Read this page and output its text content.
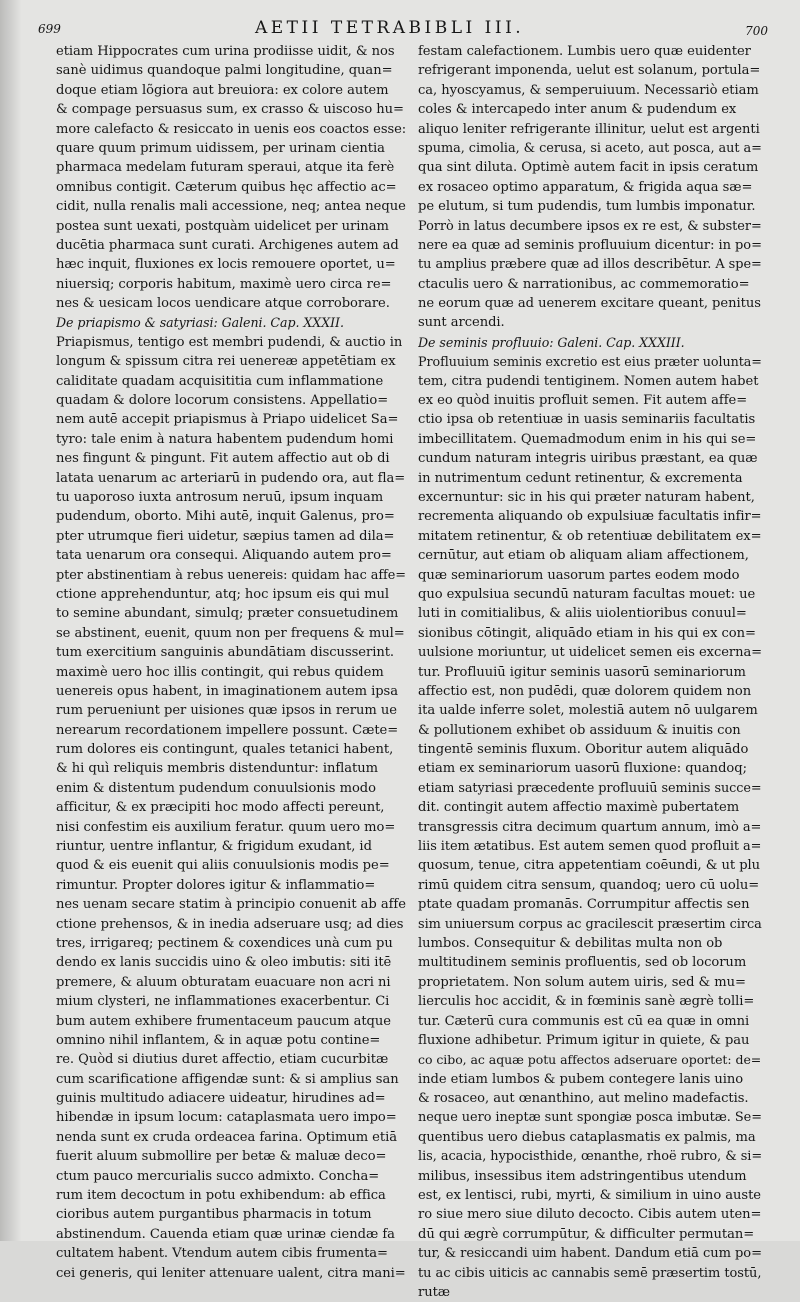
699	AETII TETRABIBLI III.	700
etiam Hippocrates cum urina prodiisse uidit, & nos
sanè uidimus quandoque palmi longitudine, quan=
doque etiam lõgiora aut breuiora: ex colore autem
& compage persuasus sum, ex crasso & uiscoso hu=
more calefacto & resiccato in uenis eos coactos esse:
quare quum primum uidissem, per urinam cientia
pharmaca medelam futuram speraui, atque ita ferè
omnibus contigit. Cæterum quibus hęc affectio ac=
cidit, nulla renalis mali accessione, neq; antea neque
postea sunt uexati, postquàm uidelicet per urinam
ducētia pharmaca sunt curati. Archigenes autem ad
hæc inquit, fluxiones ex locis remouere oportet, u=
niuersiq; corporis habitum, maximè uero circa re=
nes & uesicam locos uendicare atque corroborare.
De priapismo & satyriasi: Galeni. Cap. XXXII.
Priapismus, tentigo est membri pudendi, & auctio in
longum & spissum citra rei uenereæ appetētiam ex
caliditate quadam acquisititia cum inflammatione
quadam & dolore locorum consistens. Appellatio=
nem autē accepit priapismus à Priapo uidelicet Sa=
tyro: tale enim à natura habentem pudendum homi
nes fingunt & pingunt. Fit autem affectio aut ob di
latata uenarum ac arteriarū in pudendo ora, aut fla=
tu uaporoso iuxta antrosum neruū, ipsum inquam
pudendum, oborto. Mihi autē, inquit Galenus, pro=
pter utrumque fieri uidetur, sæpius tamen ad dila=
tata uenarum ora consequi. Aliquando autem pro=
pter abstinentiam à rebus uenereis: quidam hac affe=
ctione apprehenduntur, atq; hoc ipsum eis qui mul
to semine abundant, simulq; præter consuetudinem
se abstinent, euenit, quum non per frequens & mul=
tum exercitium sanguinis abundātiam discusserint.
maximè uero hoc illis contingit, qui rebus quidem
uenereis opus habent, in imaginationem autem ipsa
rum perueniunt per uisiones quæ ipsos in rerum ue
nerearum recordationem impellere possunt. Cæte=
rum dolores eis contingunt, quales tetanici habent,
& hi quì reliquis membris distenduntur: inflatum
enim & distentum pudendum conuulsionis modo
afficitur, & ex præcipiti hoc modo affecti pereunt,
nisi confestim eis auxilium feratur. quum uero mo=
riuntur, uentre inflantur, & frigidum exudant, id
quod & eis euenit qui aliis conuulsionis modis pe=
rimuntur. Propter dolores igitur & inflammatio=
nes uenam secare statim à principio conuenit ab affe
ctione prehensos, & in inedia adseruare usq; ad dies
tres, irrigareq; pectinem & coxendices unà cum pu
dendo ex lanis succidis uino & oleo imbutis: siti itē
premere, & aluum obturatam euacuare non acri ni
mium clysteri, ne inflammationes exacerbentur. Ci
bum autem exhibere frumentaceum paucum atque
omnino nihil inflantem, & in aquæ potu contine=
re. Quòd si diutius duret affectio, etiam cucurbitæ
cum scarificatione affigendæ sunt: & si amplius san
guinis multitudo adiacere uideatur, hirudines ad=
hibendæ in ipsum locum: cataplasmata uero impo=
nenda sunt ex cruda ordeacea farina. Optimum etiā
fuerit aluum submollire per betæ & maluæ deco=
ctum pauco mercurialis succo admixto. Concha=
rum item decoctum in potu exhibendum: ab effica
cioribus autem purgantibus pharmacis in totum
abstinendum. Cauenda etiam quæ urinæ ciendæ fa
cultatem habent. Vtendum autem cibis frumenta=
cei generis, qui leniter attenuare ualent, citra mani=
festam calefactionem. Lumbis uero quæ euidenter
refrigerant imponenda, uelut est solanum, portula=
ca, hyoscyamus, & semperuiuum. Necessariò etiam
coles & intercapedo inter anum & pudendum ex
aliquo leniter refrigerante illinitur, uelut est argenti
spuma, cimolia, & cerusa, si aceto, aut posca, aut a=
qua sint diluta. Optimè autem facit in ipsis ceratum
ex rosaceo optimo apparatum, & frigida aqua sæ=
pe elutum, si tum pudendis, tum lumbis imponatur.
Porrò in latus decumbere ipsos ex re est, & subster=
nere ea quæ ad seminis profluuium dicentur: in po=
tu amplius præbere quæ ad illos describētur. A spe=
ctaculis uero & narrationibus, ac commemoratio=
ne eorum quæ ad uenerem excitare queant, penitus
sunt arcendi.
De seminis profluuio: Galeni. Cap. XXXIII.
Profluuium seminis excretio est eius præter uolunta=
tem, citra pudendi tentiginem. Nomen autem habet
ex eo quòd inuitis profluit semen. Fit autem affe=
ctio ipsa ob retentiuæ in uasis seminariis facultatis
imbecillitatem. Quemadmodum enim in his qui se=
cundum naturam integris uiribus præstant, ea quæ
in nutrimentum cedunt retinentur, & excrementa
excernuntur: sic in his qui præter naturam habent,
recrementa aliquando ob expulsiuæ facultatis infir=
mitatem retinentur, & ob retentiuæ debilitatem ex=
cernūtur, aut etiam ob aliquam aliam affectionem,
quæ seminariorum uasorum partes eodem modo
quo expulsiua secundū naturam facultas mouet: ue
luti in comitialibus, & aliis uiolentioribus conuul=
sionibus cōtingit, aliquādo etiam in his qui ex con=
uulsione moriuntur, ut uidelicet semen eis excerna=
tur. Profluuiū igitur seminis uasorū seminariorum
affectio est, non pudēdi, quæ dolorem quidem non
ita ualde inferre solet, molestiā autem nō uulgarem
& pollutionem exhibet ob assiduum & inuitis con
tingentē seminis fluxum. Oboritur autem aliquādo
etiam ex seminariorum uasorū fluxione: quandoq;
etiam satyriasi præcedente profluuiū seminis succe=
dit. contingit autem affectio maximè pubertatem
transgressis citra decimum quartum annum, imò a=
liis item ætatibus. Est autem semen quod profluit a=
quosum, tenue, citra appetentiam coēundi, & ut plu
rimū quidem citra sensum, quandoq; uero cū uolu=
ptate quadam promanās. Corrumpitur affectis sen
sim uniuersum corpus ac gracilescit præsertim circa
lumbos. Consequitur & debilitas multa non ob
multitudinem seminis profluentis, sed ob locorum
proprietatem. Non solum autem uiris, sed & mu=
lierculis hoc accidit, & in fœminis sanè ægrè tolli=
tur. Cæterū cura communis est cū ea quæ in omni
fluxione adhibetur. Primum igitur in quiete, & pau
co cibo, ac aquæ potu affectos adseruare oportet: de=
inde etiam lumbos & pubem contegere lanis uino
& rosaceo, aut œnanthino, aut melino madefactis.
neque uero ineptæ sunt spongiæ posca imbutæ. Se=
quentibus uero diebus cataplasmatis ex palmis, ma
lis, acacia, hypocisthide, œnanthe, rhoë rubro, & si=
milibus, insessibus item adstringentibus utendum
est, ex lentisci, rubi, myrti, & similium in uino auste
ro siue mero siue diluto decocto. Cibis autem uten=
dū qui ægrè corrumpūtur, & difficulter permutan=
tur, & resiccandi uim habent. Dandum etiā cum po=
tu ac cibis uiticis ac cannabis semē præsertim tostū,
rutæ
